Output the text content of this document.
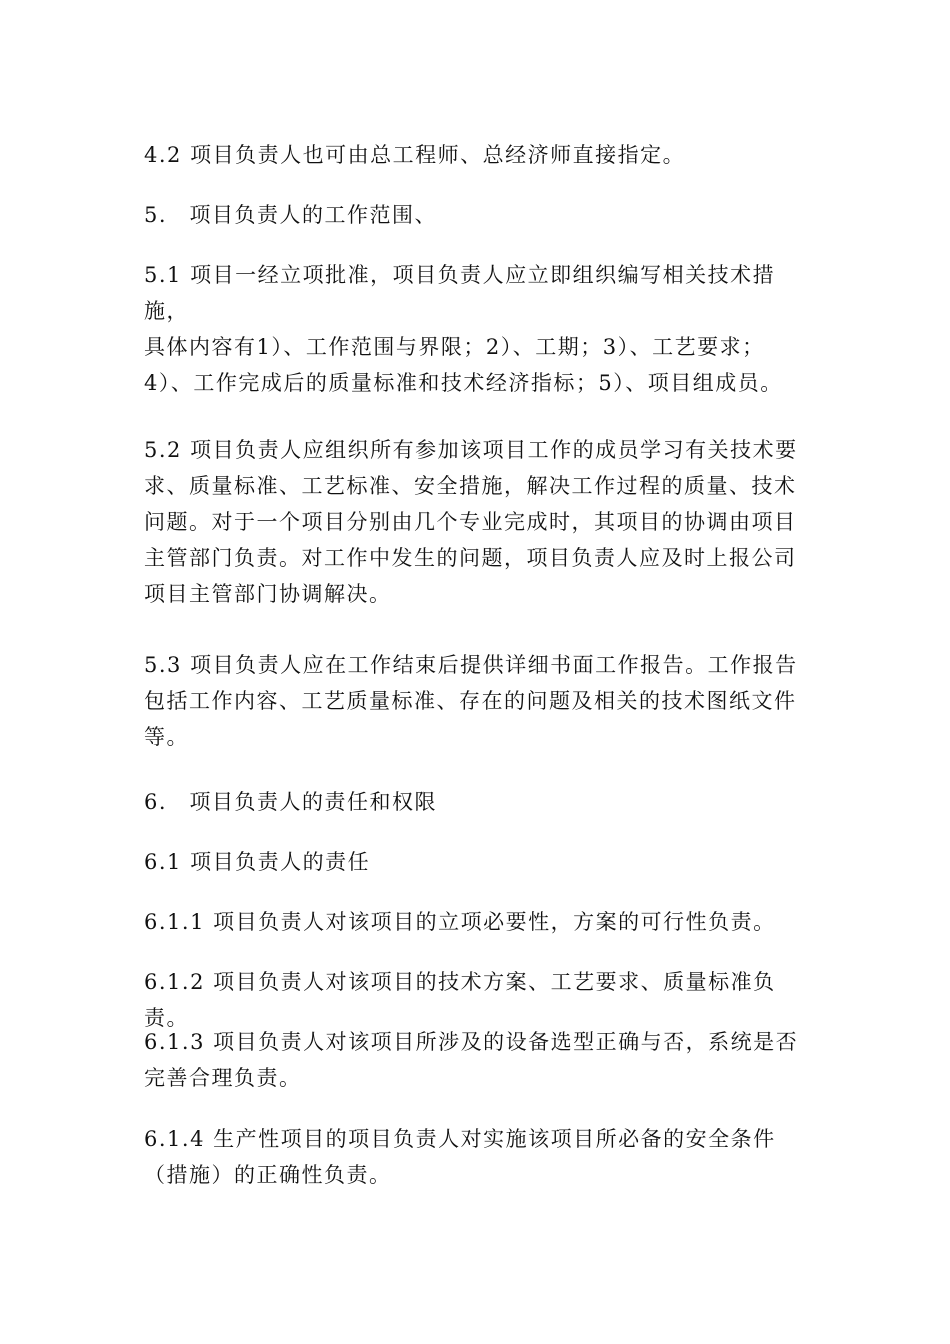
4.2 项目负责人也可由总工程师、总经济师直接指定。
5.　项目负责人的工作范围、
5.1 项目一经立项批准，项目负责人应立即组织编写相关技术措施，
具体内容有1）、工作范围与界限；2）、工期；3）、工艺要求；
4）、工作完成后的质量标准和技术经济指标；5）、项目组成员。
5.2 项目负责人应组织所有参加该项目工作的成员学习有关技术要
求、质量标准、工艺标准、安全措施，解决工作过程的质量、技术
问题。对于一个项目分别由几个专业完成时，其项目的协调由项目
主管部门负责。对工作中发生的问题，项目负责人应及时上报公司
项目主管部门协调解决。
5.3 项目负责人应在工作结束后提供详细书面工作报告。工作报告
包括工作内容、工艺质量标准、存在的问题及相关的技术图纸文件
等。
6.　项目负责人的责任和权限
6.1 项目负责人的责任
6.1.1 项目负责人对该项目的立项必要性，方案的可行性负责。
6.1.2 项目负责人对该项目的技术方案、工艺要求、质量标准负责。
6.1.3 项目负责人对该项目所涉及的设备选型正确与否，系统是否
完善合理负责。
6.1.4 生产性项目的项目负责人对实施该项目所必备的安全条件
（措施）的正确性负责。
